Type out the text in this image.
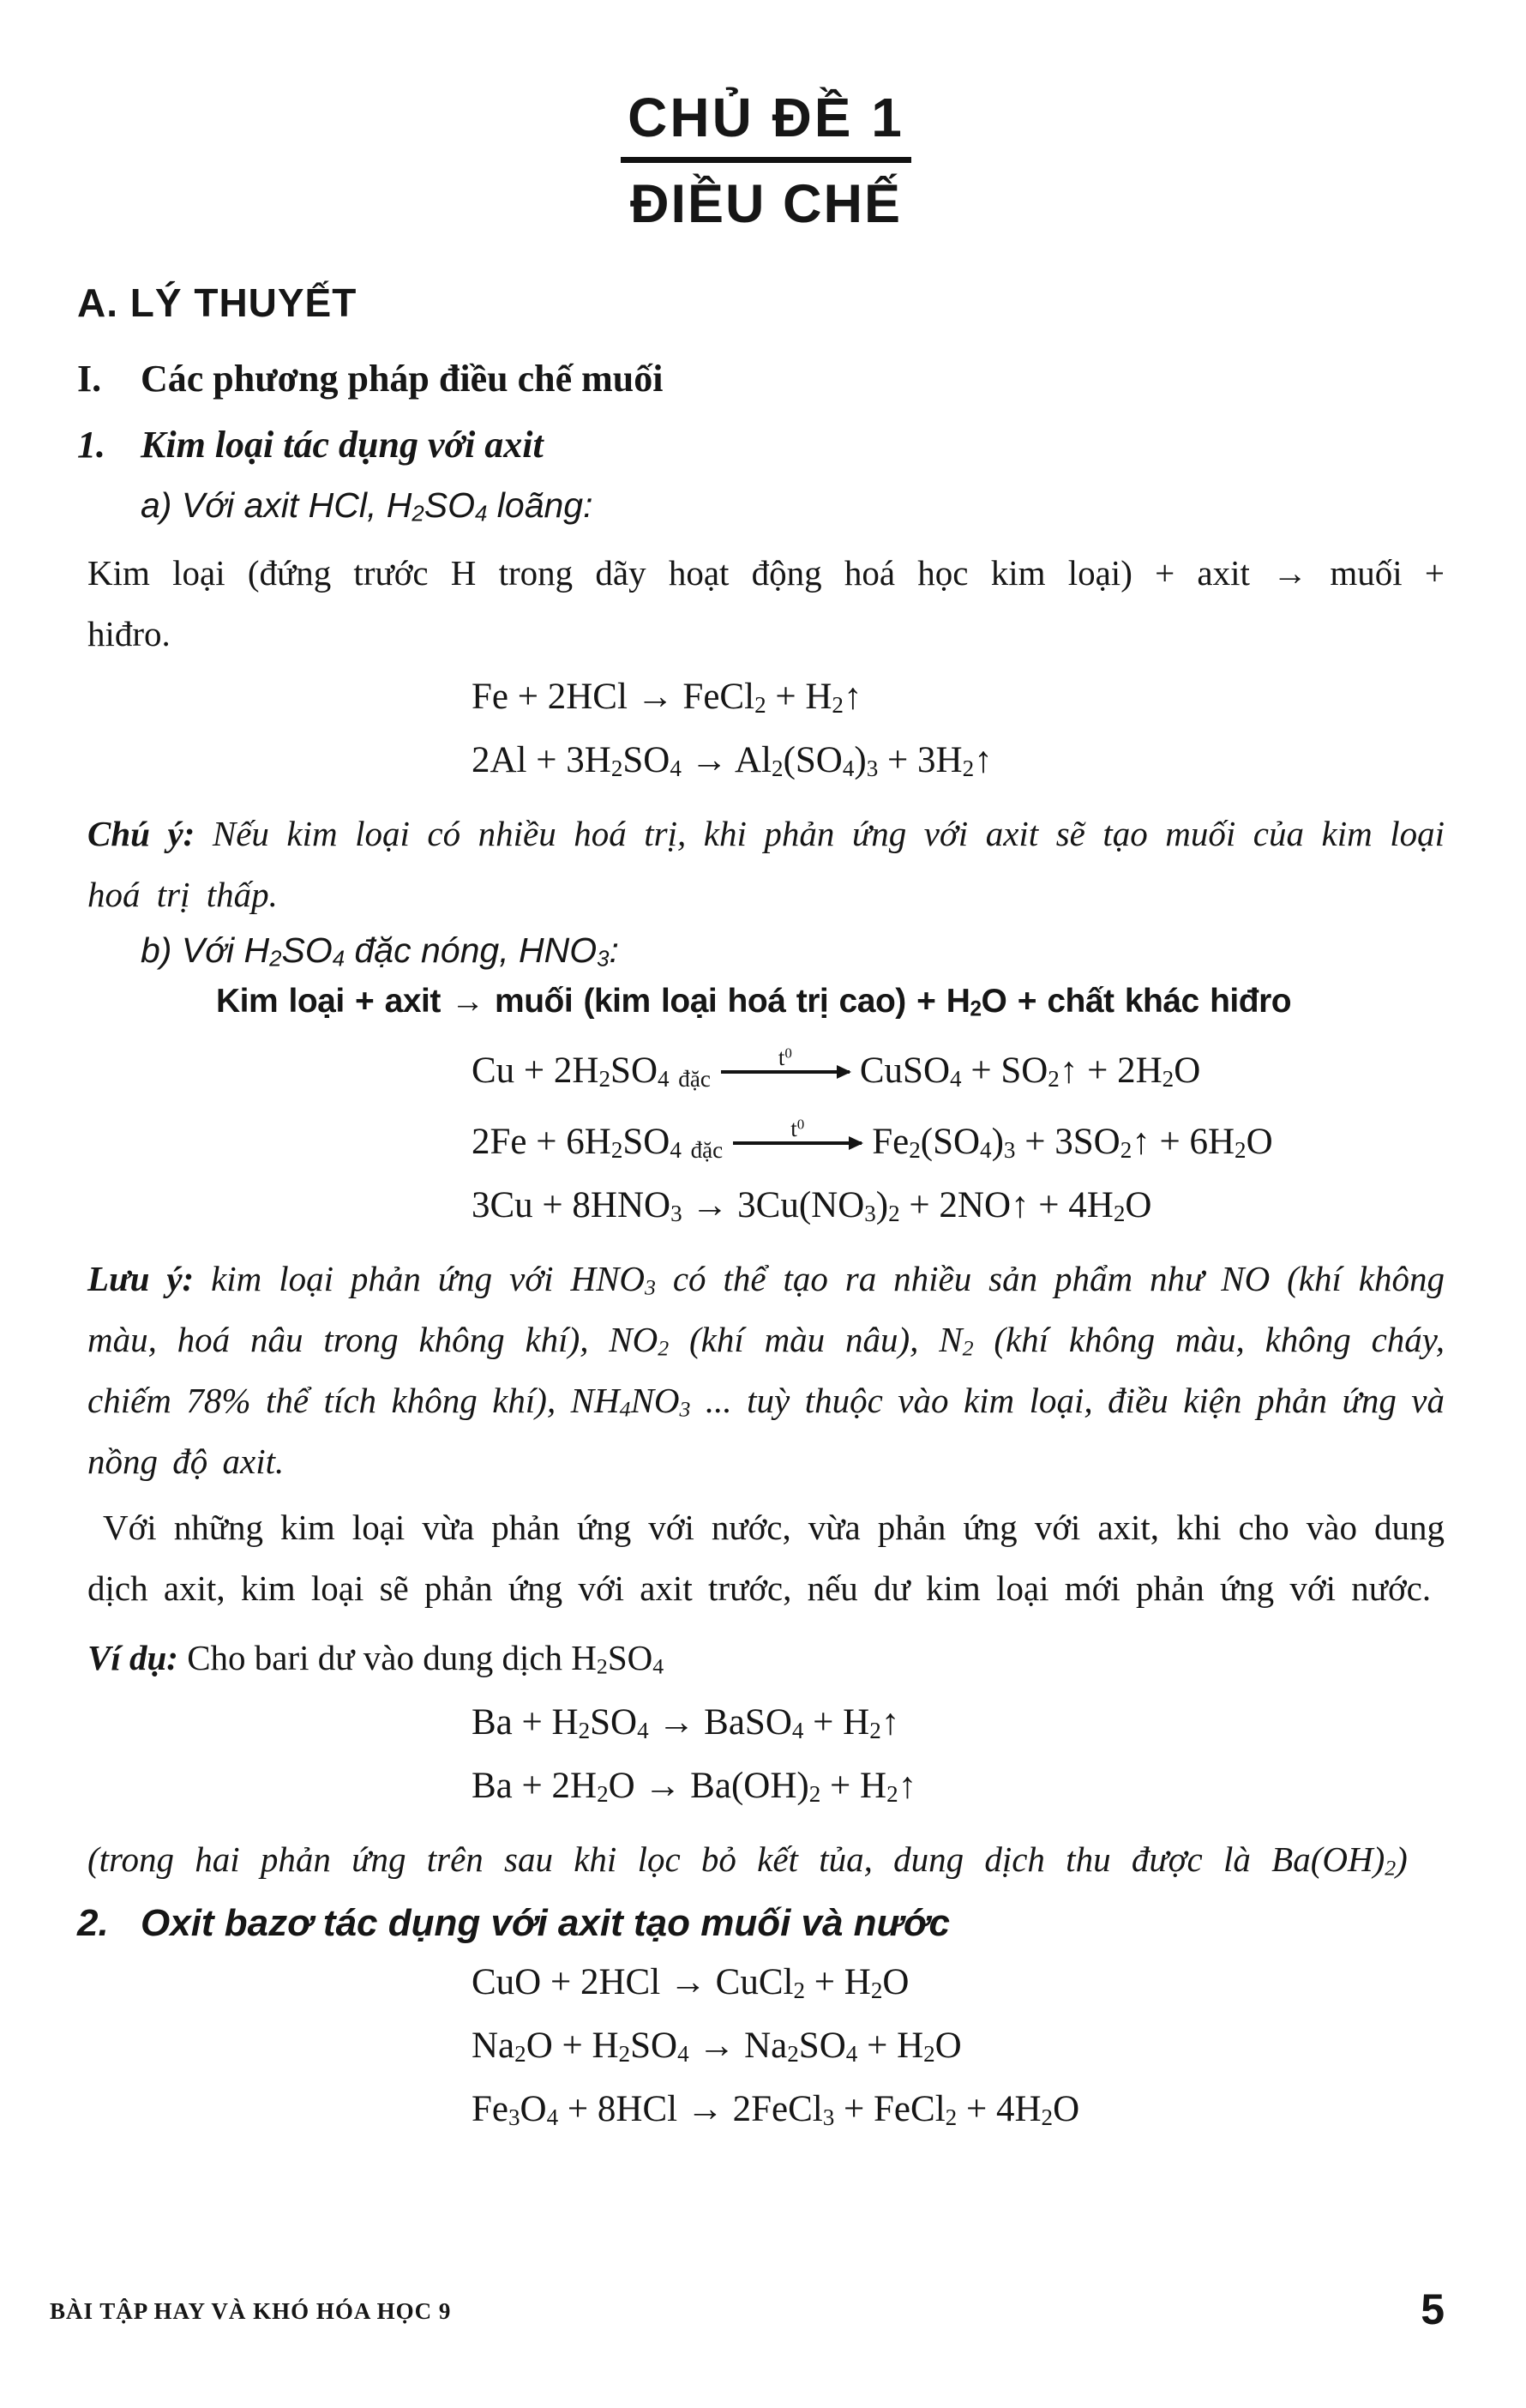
CHỦ ĐỀ 1
ĐIỀU CHẾ
A. LÝ THUYẾT
I.	Các phương pháp điều chế muối
1. Kim loại tác dụng với axit
a) Với axit HCl, $H_2SO_4$ loãng:

Kim loại (đứng trước H trong dãy hoạt động hoá học kim loại) + axit → muối + hiđro.

Fe + 2HCl → FeCl$_2$ + $H_2↑$
$2Al + 3H_2SO_4 \to Al_2(SO_4)_3$ + $3H_2↑$

Chú ý: Nếu kim loại có nhiều hoá trị, khi phản ứng với axit sẽ tạo muối của kim loại hoá trị thấp.

b) Với $H_2SO_4$ đặc nóng, $HNO_3$:
Kim loại + axit → muối (kim loại hoá trị $cao) + H_2O$ + chất khác hiđro
$Cu + 2H_2SO_4$ $_{đặc}$
$t^0$ CuSO$_4$ + $SO_2↑ + 2H_2O$
$2Fe + 6H_2SO_4$ $_{đặc}$
$t^0$ $Fe_2(SO_4)_3$ + $3SO_2↑ + 6H_2O$
$3Cu + 8HNO_3 \to 3Cu(NO_3)_2$ + 2NO↑ + $4H_2O$

Lưu ý: kim loại phản ứng với $HNO_3$ có thể tạo ra nhiều sản phẩm như NO (khí không màu, hoá nâu trong không khí), $NO_2$ (khí màu nâu), $N_2$ (khí không màu, không cháy, chiếm 78% thể tích không khí), $NH_4NO_3$ ... tuỳ thuộc vào kim loại, điều kiện phản ứng và nồng độ axit.

Với những kim loại vừa phản ứng với nước, vừa phản ứng với axit, khi cho vào dung dịch axit, kim loại sẽ phản ứng với axit trước, nếu dư kim loại mới phản ứng với nước.

Ví dụ: Cho bari dư vào dung dịch $H_2SO_4$

$Ba + H_2SO_4$ → BaSO$_4$ + $H_2↑$
$Ba + 2H_2O \to Ba(OH)_2$ + $H_2↑$

(trong hai phản ứng trên sau khi lọc bỏ kết tủa, dung dịch thu được là $Ba(OH)_2$)

2. Oxit bazơ tác dụng với axit tạo muối và nước
CuO + 2HCl → CuCl$_2$ + $H_2O$
$Na_2O + H_2SO_4 \to Na_2SO_4 + H_2O$
$Fe_3O_4 + 8HCl$ → 2FeCl$_3$ + FeCl$_2$ + $4H_2O$
BÀI TẬP HAY VÀ KHÓ HÓA HỌC 9	5
